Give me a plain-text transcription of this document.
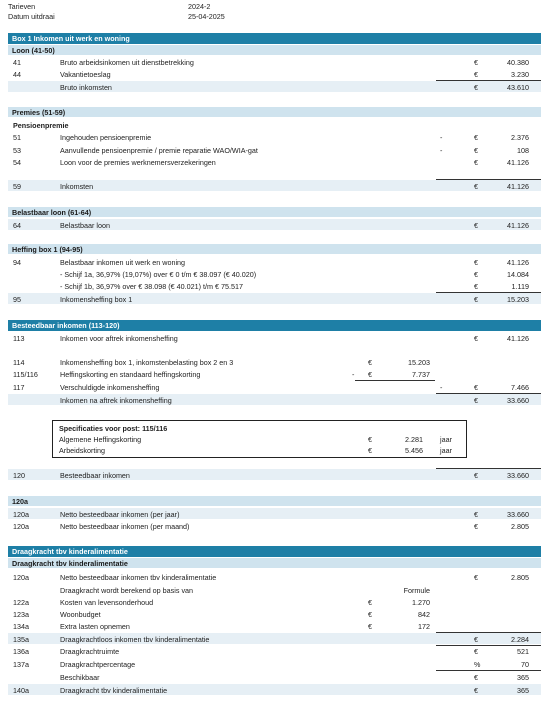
Tarieven	2024-2
Datum uitdraai	25-04-2025
Box 1 Inkomen uit werk en woning
Loon (41-50)
41	Bruto arbeidsinkomen uit dienstbetrekking	€	40.380
44	Vakantietoeslag	€	3.230
Bruto inkomsten	€	43.610
Premies (51-59)
Pensioenpremie
51	Ingehouden pensioenpremie	-	€	2.376
53	Aanvullende pensioenpremie / premie reparatie WAO/WIA-gat	-	€	108
54	Loon voor de premies werknemersverzekeringen	€	41.126
59	Inkomsten	€	41.126
Belastbaar loon (61-64)
64	Belastbaar loon	€	41.126
Heffing box 1 (94-95)
94	Belastbaar inkomen uit werk en woning	€	41.126
- Schijf 1a, 36,97% (19,07%) over € 0 t/m € 38.097 (€ 40.020)	€	14.084
- Schijf 1b, 36,97% over € 38.098 (€ 40.021) t/m € 75.517	€	1.119
95	Inkomensheffing box 1	€	15.203
Besteedbaar inkomen (113-120)
113	Inkomen voor aftrek inkomensheffing	€	41.126
114	Inkomensheffing box 1, inkomstenbelasting box 2 en 3	€	15.203
115/116	Heffingskorting en standaard heffingskorting	- €	7.737
117	Verschuldigde inkomensheffing	-	€	7.466
Inkomen na aftrek inkomensheffing	€	33.660
Specificaties voor post: 115/116
Algemene Heffingskorting	€	2.281 jaar
Arbeidskorting	€	5.456 jaar
120	Besteedbaar inkomen	€	33.660
120a
120a	Netto besteedbaar inkomen (per jaar)	€	33.660
120a	Netto besteedbaar inkomen (per maand)	€	2.805
Draagkracht tbv kinderalimentatie
Draagkracht tbv kinderalimentatie
120a	Netto besteedbaar inkomen tbv kinderalimentatie	€	2.805
Draagkracht wordt berekend op basis van	Formule
122a	Kosten van levensonderhoud	€	1.270
123a	Woonbudget	€	842
134a	Extra lasten opnemen	€	172
135a	Draagkrachtloos inkomen tbv kinderalimentatie	€	2.284
136a	Draagkrachtruimte	€	521
137a	Draagkrachtpercentage	%	70
Beschikbaar	€	365
140a	Draagkracht tbv kinderalimentatie	€	365
